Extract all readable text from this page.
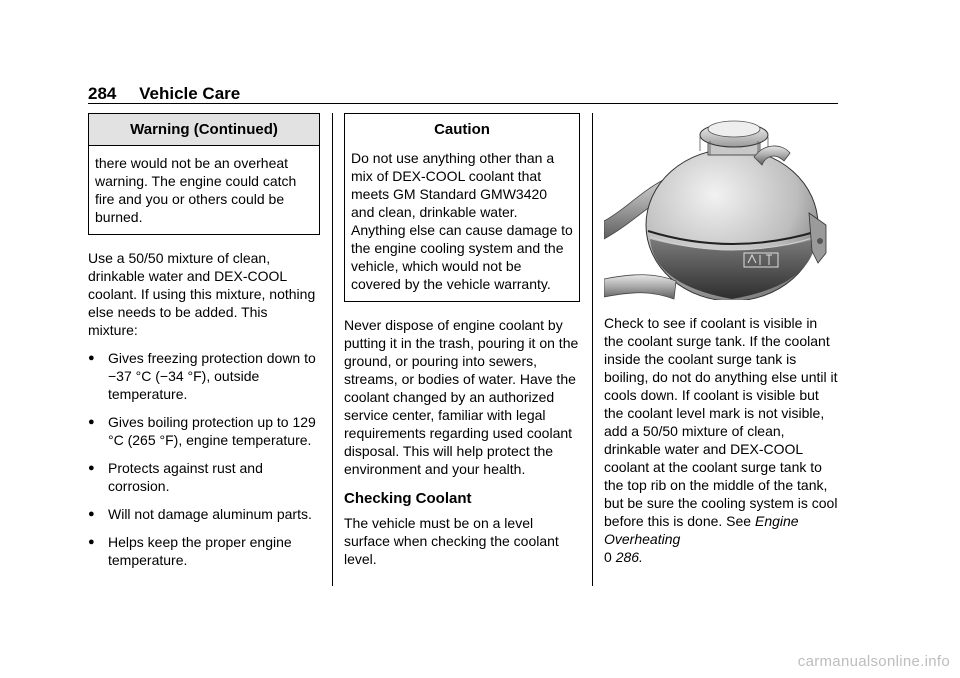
284 Vehicle Care
Warning (Continued)
there would not be an overheat warning. The engine could catch fire and you or others could be burned.

Use a 50/50 mixture of clean, drinkable water and DEX-COOL coolant. If using this mixture, nothing else needs to be added. This mixture:

● Gives freezing protection down to −37 °C (−34 °F), outside temperature.
● Gives boiling protection up to 129 °C (265 °F), engine temperature.
● Protects against rust and corrosion.
● Will not damage aluminum parts.
● Helps keep the proper engine temperature.
Caution
Do not use anything other than a mix of DEX-COOL coolant that meets GM Standard GMW3420 and clean, drinkable water. Anything else can cause damage to the engine cooling system and the vehicle, which would not be covered by the vehicle warranty.

Never dispose of engine coolant by putting it in the trash, pouring it on the ground, or pouring into sewers, streams, or bodies of water. Have the coolant changed by an authorized service center, familiar with legal requirements regarding used coolant disposal. This will help protect the environment and your health.

Checking Coolant

The vehicle must be on a level surface when checking the coolant level.

Check to see if coolant is visible in the coolant surge tank. If the coolant inside the coolant surge tank is boiling, do not do anything else until it cools down. If coolant is visible but the coolant level mark is not visible, add a 50/50 mixture of clean, drinkable water and DEX-COOL coolant at the coolant surge tank to the top rib on the middle of the tank, but be sure the cooling system is cool before this is done. See Engine Overheating
0 286.

carmanualsonline.info
